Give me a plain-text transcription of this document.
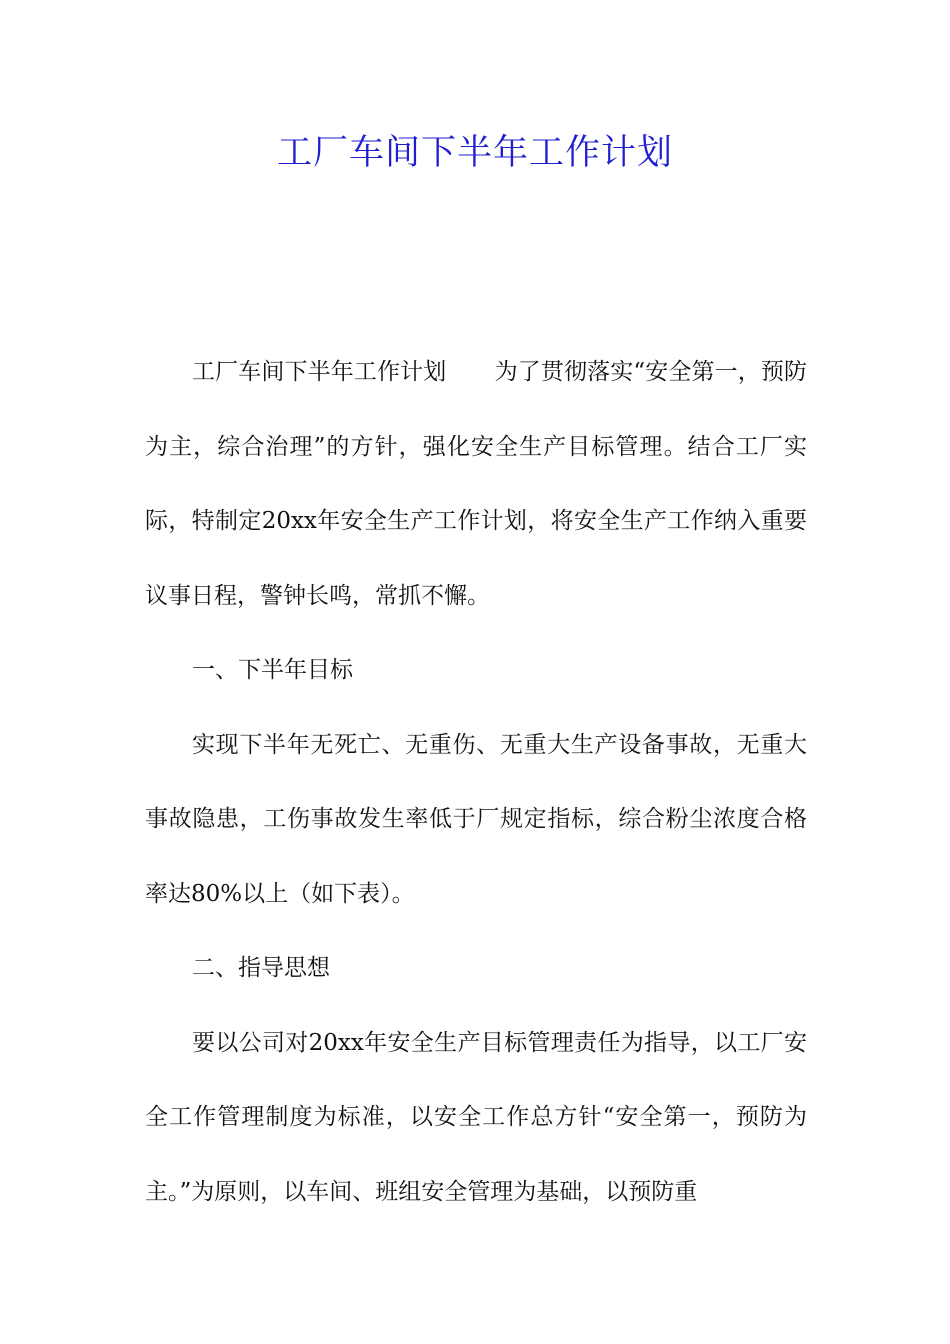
工厂车间下半年工作计划

工厂车间下半年工作计划 为了贯彻落实“安全第一，预防为主，综合治理”的方针，强化安全生产目标管理。结合工厂实际，特制定20xx年安全生产工作计划，将安全生产工作纳入重要议事日程，警钟长鸣，常抓不懈。

一、下半年目标

实现下半年无死亡、无重伤、无重大生产设备事故，无重大事故隐患，工伤事故发生率低于厂规定指标，综合粉尘浓度合格率达80%以上（如下表）。

二、指导思想

要以公司对20xx年安全生产目标管理责任为指导，以工厂安全工作管理制度为标准，以安全工作总方针“安全第一，预防为主。”为原则，以车间、班组安全管理为基础，以预防重
